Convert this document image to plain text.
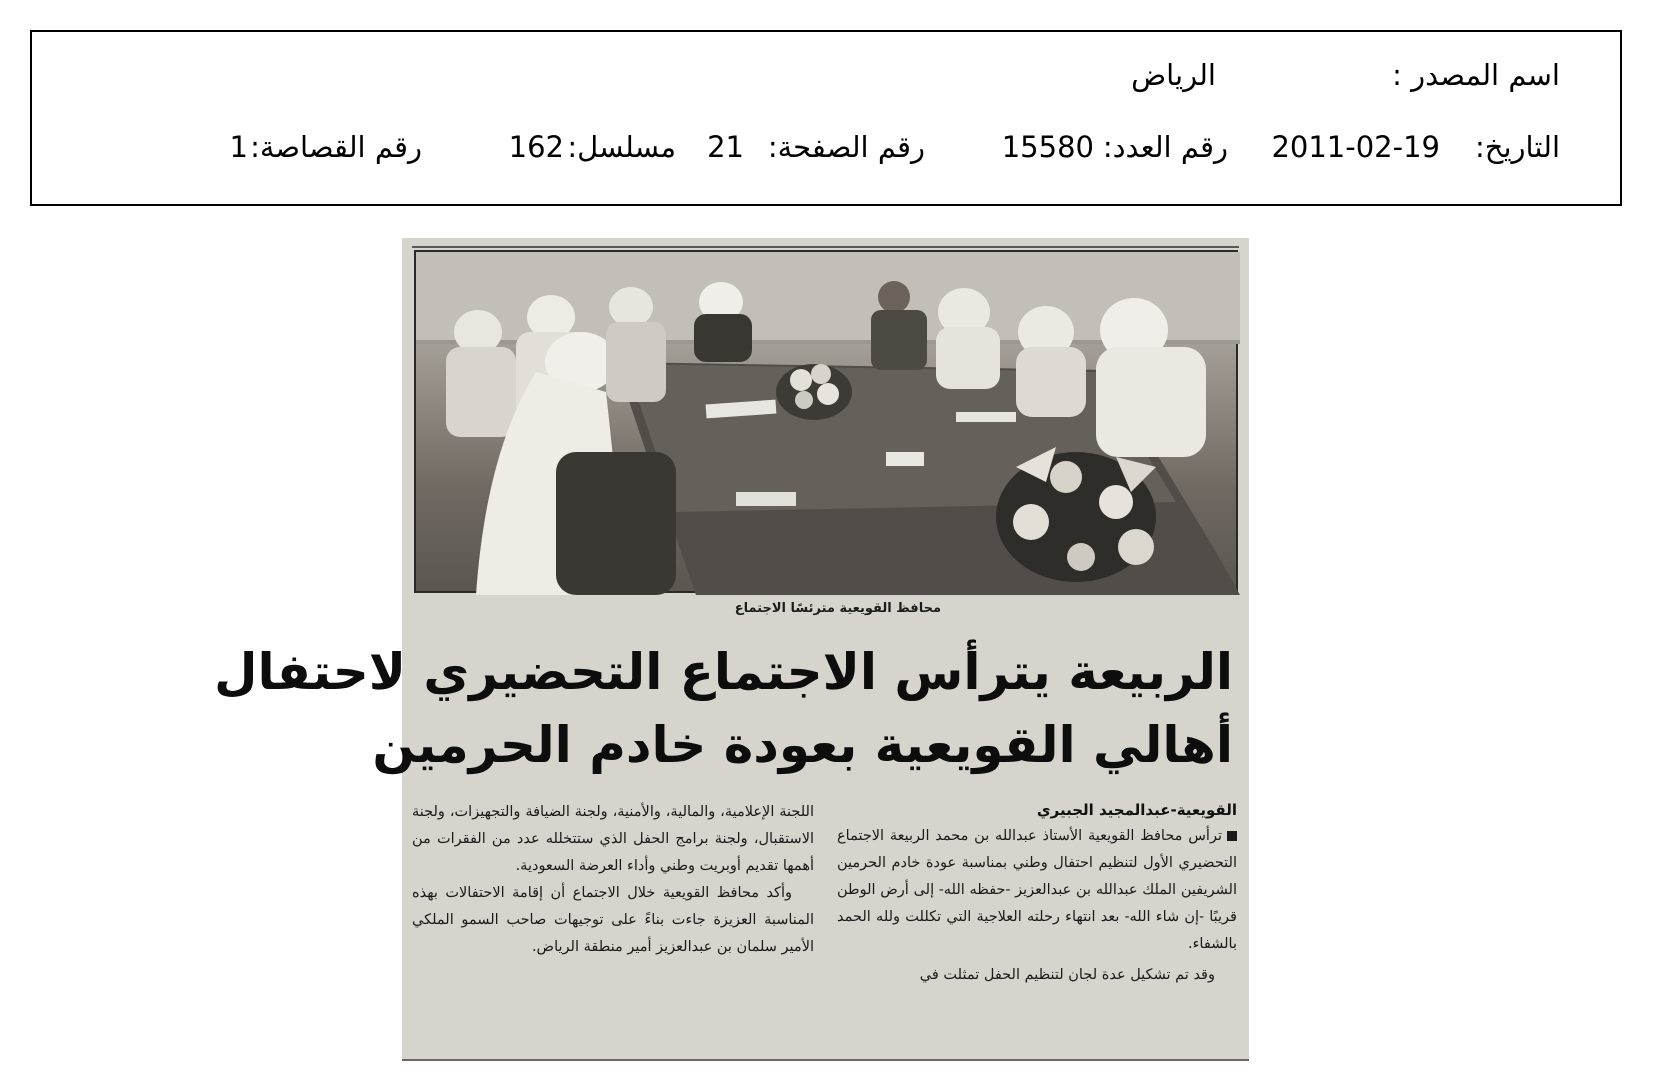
اسم المصدر :
الرياض
التاريخ:
2011-02-19
رقم العدد:
15580
رقم الصفحة:
21
مسلسل:
162
رقم القصاصة:
1
محافظ القويعية مترئسًا الاجتماع
الربيعة يترأس الاجتماع التحضيري لاحتفال
أهالي القويعية بعودة خادم الحرمين
القويعية-عبدالمجيد الجبيري

ترأس محافظ القويعية الأستاذ عبدالله بن محمد الربيعة الاجتماع التحضيري الأول لتنظيم احتفال وطني بمناسبة عودة خادم الحرمين الشريفين الملك عبدالله بن عبدالعزيز -حفظه الله- إلى أرض الوطن قريبًا -إن شاء الله- بعد انتهاء رحلته العلاجية التي تكللت ولله الحمد بالشفاء.

وقد تم تشكيل عدة لجان لتنظيم الحفل تمثلت في

اللجنة الإعلامية، والمالية، والأمنية، ولجنة الضيافة والتجهيزات، ولجنة الاستقبال، ولجنة برامج الحفل الذي ستتخلله عدد من الفقرات من أهمها تقديم أوبريت وطني وأداء العرضة السعودية.

وأكد محافظ القويعية خلال الاجتماع أن إقامة الاحتفالات بهذه المناسبة العزيزة جاءت بناءً على توجيهات صاحب السمو الملكي الأمير سلمان بن عبدالعزيز أمير منطقة الرياض.
